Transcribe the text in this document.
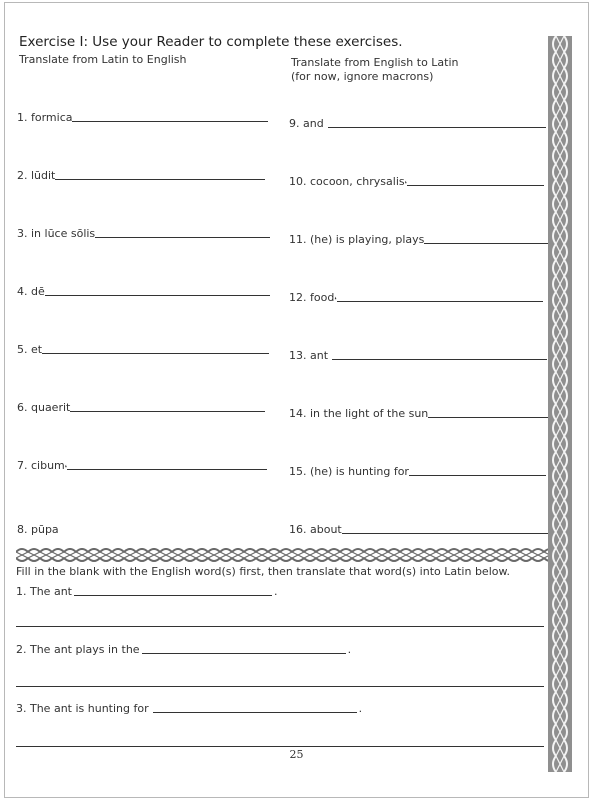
Exercise I: Use your Reader to complete these exercises.
Translate from Latin to English	Translate from English to Latin
(for now, ignore macrons)
1. formica
2. lūdit
3. in lūce sōlis
4. dē
5. et
6. quaerit
7. cibum ❛
8. pūpa
9. and
10. cocoon, chrysalis ❛
11. (he) is playing, plays
12. food ❛
13. ant
14. in the light of the sun
15. (he) is hunting for
16. about
Fill in the blank with the English word(s) first, then translate that word(s) into Latin below.
1. The ant	.
2. The ant plays in the	.
3. The ant is hunting for	.
25
